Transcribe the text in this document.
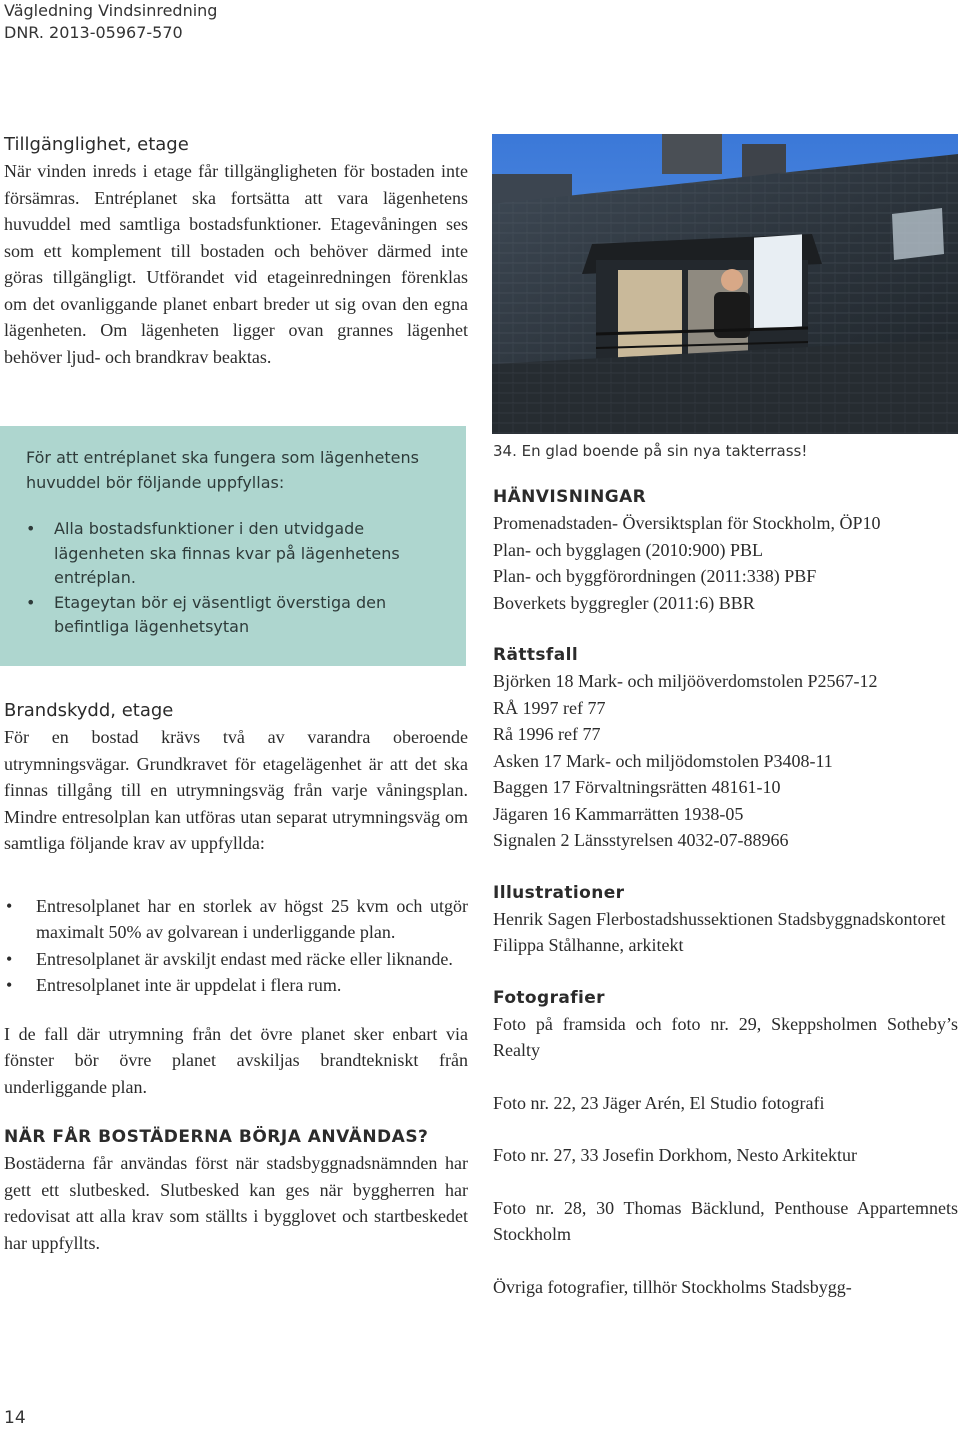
Vägledning Vindsinredning
DNR. 2013-05967-570
Tillgänglighet, etage

När vinden inreds i etage får tillgängligheten för bostaden inte försämras. Entréplanet ska fortsätta att vara lägenhetens huvuddel med samtliga bostadsfunktioner. Etagevåningen ses som ett komplement till bostaden och behöver därmed inte göras tillgängligt. Utförandet vid etageinredningen förenklas om det ovanliggande planet enbart breder ut sig ovan den egna lägenheten. Om lägenheten ligger ovan grannes lägenhet behöver ljud- och brandkrav beaktas.

För att entréplanet ska fungera som lägenhetens huvuddel bör följande uppfyllas:

• Alla bostadsfunktioner i den utvidgade lägenheten ska finnas kvar på lägenhetens entréplan.
• Etageytan bör ej väsentligt överstiga den befintliga lägenhetsytan
Brandskydd, etage

För en bostad krävs två av varandra oberoende utrymningsvägar. Grundkravet för etagelägenhet är att det ska finnas tillgång till en utrymningsväg från varje våningsplan. Mindre entresolplan kan utföras utan separat utrymningsväg om samtliga följande krav av uppfyllda:

• Entresolplanet har en storlek av högst 25 kvm och utgör maximalt 50% av golvarean i underliggande plan.
• Entresolplanet är avskiljt endast med räcke eller liknande.
• Entresolplanet inte är uppdelat i flera rum.

I de fall där utrymning från det övre planet sker enbart via fönster bör övre planet avskiljas brandtekniskt från underliggande plan.

NÄR FÅR BOSTÄDERNA BÖRJA ANVÄNDAS?

Bostäderna får användas först när stadsbyggnadsnämnden har gett ett slutbesked. Slutbesked kan ges när byggherren har redovisat att alla krav som ställts i bygglovet och startbeskedet har uppfyllts.

14
34. En glad boende på sin nya takterrass!
HÄNVISNINGAR

Promenadstaden- Översiktsplan för Stockholm, ÖP10

Plan- och bygglagen (2010:900) PBL

Plan- och byggförordningen (2011:338) PBF

Boverkets byggregler (2011:6) BBR

Rättsfall

Björken 18 Mark- och miljööverdomstolen P2567-12

RÅ 1997 ref 77

Rå 1996 ref 77

Asken 17 Mark- och miljödomstolen P3408-11

Baggen 17 Förvaltningsrätten 48161-10

Jägaren 16 Kammarrätten 1938-05

Signalen 2 Länsstyrelsen 4032-07-88966

Illustrationer

Henrik Sagen Flerbostadshussektionen Stadsbyggnadskontoret

Filippa Stålhanne, arkitekt

Fotografier

Foto på framsida och foto nr. 29, Skeppsholmen Sotheby’s Realty

Foto nr. 22, 23 Jäger Arén, El Studio fotografi

Foto nr. 27, 33 Josefin Dorkhom, Nesto Arkitektur

Foto nr. 28, 30 Thomas Bäcklund, Penthouse Appartemnets Stockholm

Övriga fotografier, tillhör Stockholms Stadsbygg-
